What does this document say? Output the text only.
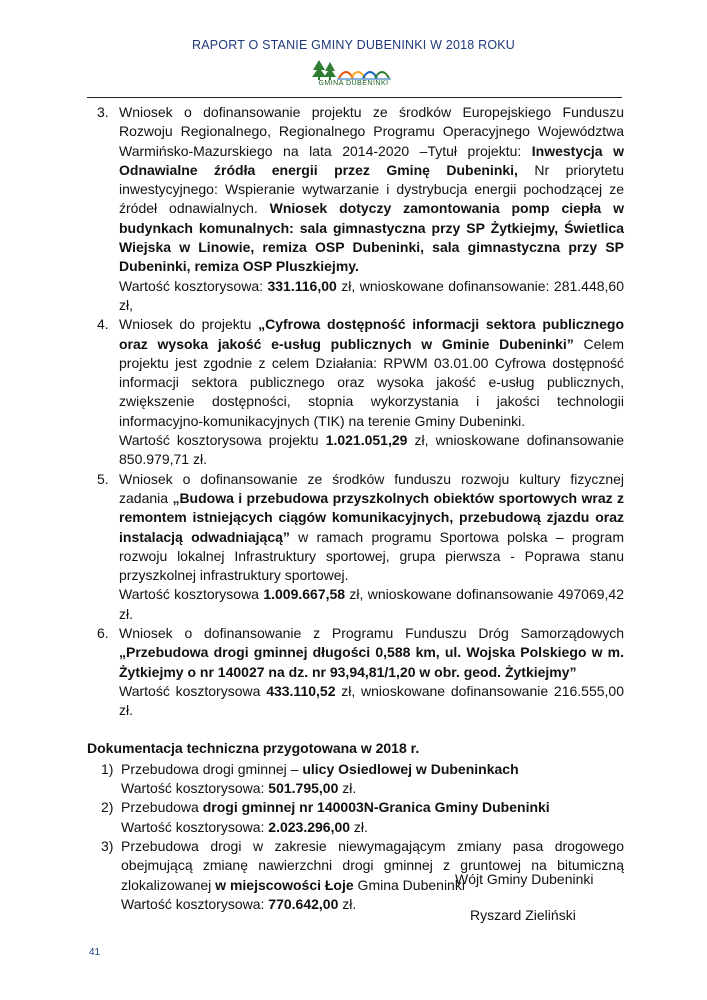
RAPORT O STANIE GMINY DUBENINKI W 2018 ROKU
GMINA DUBENINKI
3. Wniosek o dofinansowanie projektu ze środków Europejskiego Funduszu Rozwoju Regionalnego, Regionalnego Programu Operacyjnego Województwa Warmińsko-Mazurskiego na lata 2014-2020 –Tytuł projektu: Inwestycja w Odnawialne źródła energii przez Gminę Dubeninki, Nr priorytetu inwestycyjnego: Wspieranie wytwarzanie i dystrybucja energii pochodzącej ze źródeł odnawialnych. Wniosek dotyczy zamontowania pomp ciepła w budynkach komunalnych: sala gimnastyczna przy SP Żytkiejmy, Świetlica Wiejska w Linowie, remiza OSP Dubeninki, sala gimnastyczna przy SP Dubeninki, remiza OSP Pluszkiejmy.

Wartość kosztorysowa: 331.116,00 zł, wnioskowane dofinansowanie: 281.448,60 zł,

4. Wniosek do projektu „Cyfrowa dostępność informacji sektora publicznego oraz wysoka jakość e-usług publicznych w Gminie Dubeninki” Celem projektu jest zgodnie z celem Działania: RPWM 03.01.00 Cyfrowa dostępność informacji sektora publicznego oraz wysoka jakość e-usług publicznych, zwiększenie dostępności, stopnia wykorzystania i jakości technologii informacyjno-komunikacyjnych (TIK) na terenie Gminy Dubeninki.

Wartość kosztorysowa projektu 1.021.051,29 zł, wnioskowane dofinansowanie 850.979,71 zł.

5. Wniosek o dofinansowanie ze środków funduszu rozwoju kultury fizycznej zadania „Budowa i przebudowa przyszkolnych obiektów sportowych wraz z remontem istniejących ciągów komunikacyjnych, przebudową zjazdu oraz instalacją odwadniającą” w ramach programu Sportowa polska – program rozwoju lokalnej Infrastruktury sportowej, grupa pierwsza - Poprawa stanu przyszkolnej infrastruktury sportowej.

Wartość kosztorysowa 1.009.667,58 zł, wnioskowane dofinansowanie 497069,42 zł.

6. Wniosek o dofinansowanie z Programu Funduszu Dróg Samorządowych „Przebudowa drogi gminnej długości 0,588 km, ul. Wojska Polskiego w m. Żytkiejmy o nr 140027 na dz. nr 93,94,81/1,20 w obr. geod. Żytkiejmy”

Wartość kosztorysowa 433.110,52 zł, wnioskowane dofinansowanie 216.555,00 zł.

Dokumentacja techniczna przygotowana w 2018 r.
1) Przebudowa drogi gminnej – ulicy Osiedlowej w Dubeninkach

Wartość kosztorysowa: 501.795,00 zł.

2) Przebudowa drogi gminnej nr 140003N-Granica Gminy Dubeninki

Wartość kosztorysowa: 2.023.296,00 zł.

3) Przebudowa drogi w zakresie niewymagającym zmiany pasa drogowego obejmującą zmianę nawierzchni drogi gminnej z gruntowej na bitumiczną zlokalizowanej w miejscowości Łoje Gmina Dubeninki

Wartość kosztorysowa: 770.642,00 zł.

Wójt Gminy Dubeninki
Ryszard Zieliński
41
